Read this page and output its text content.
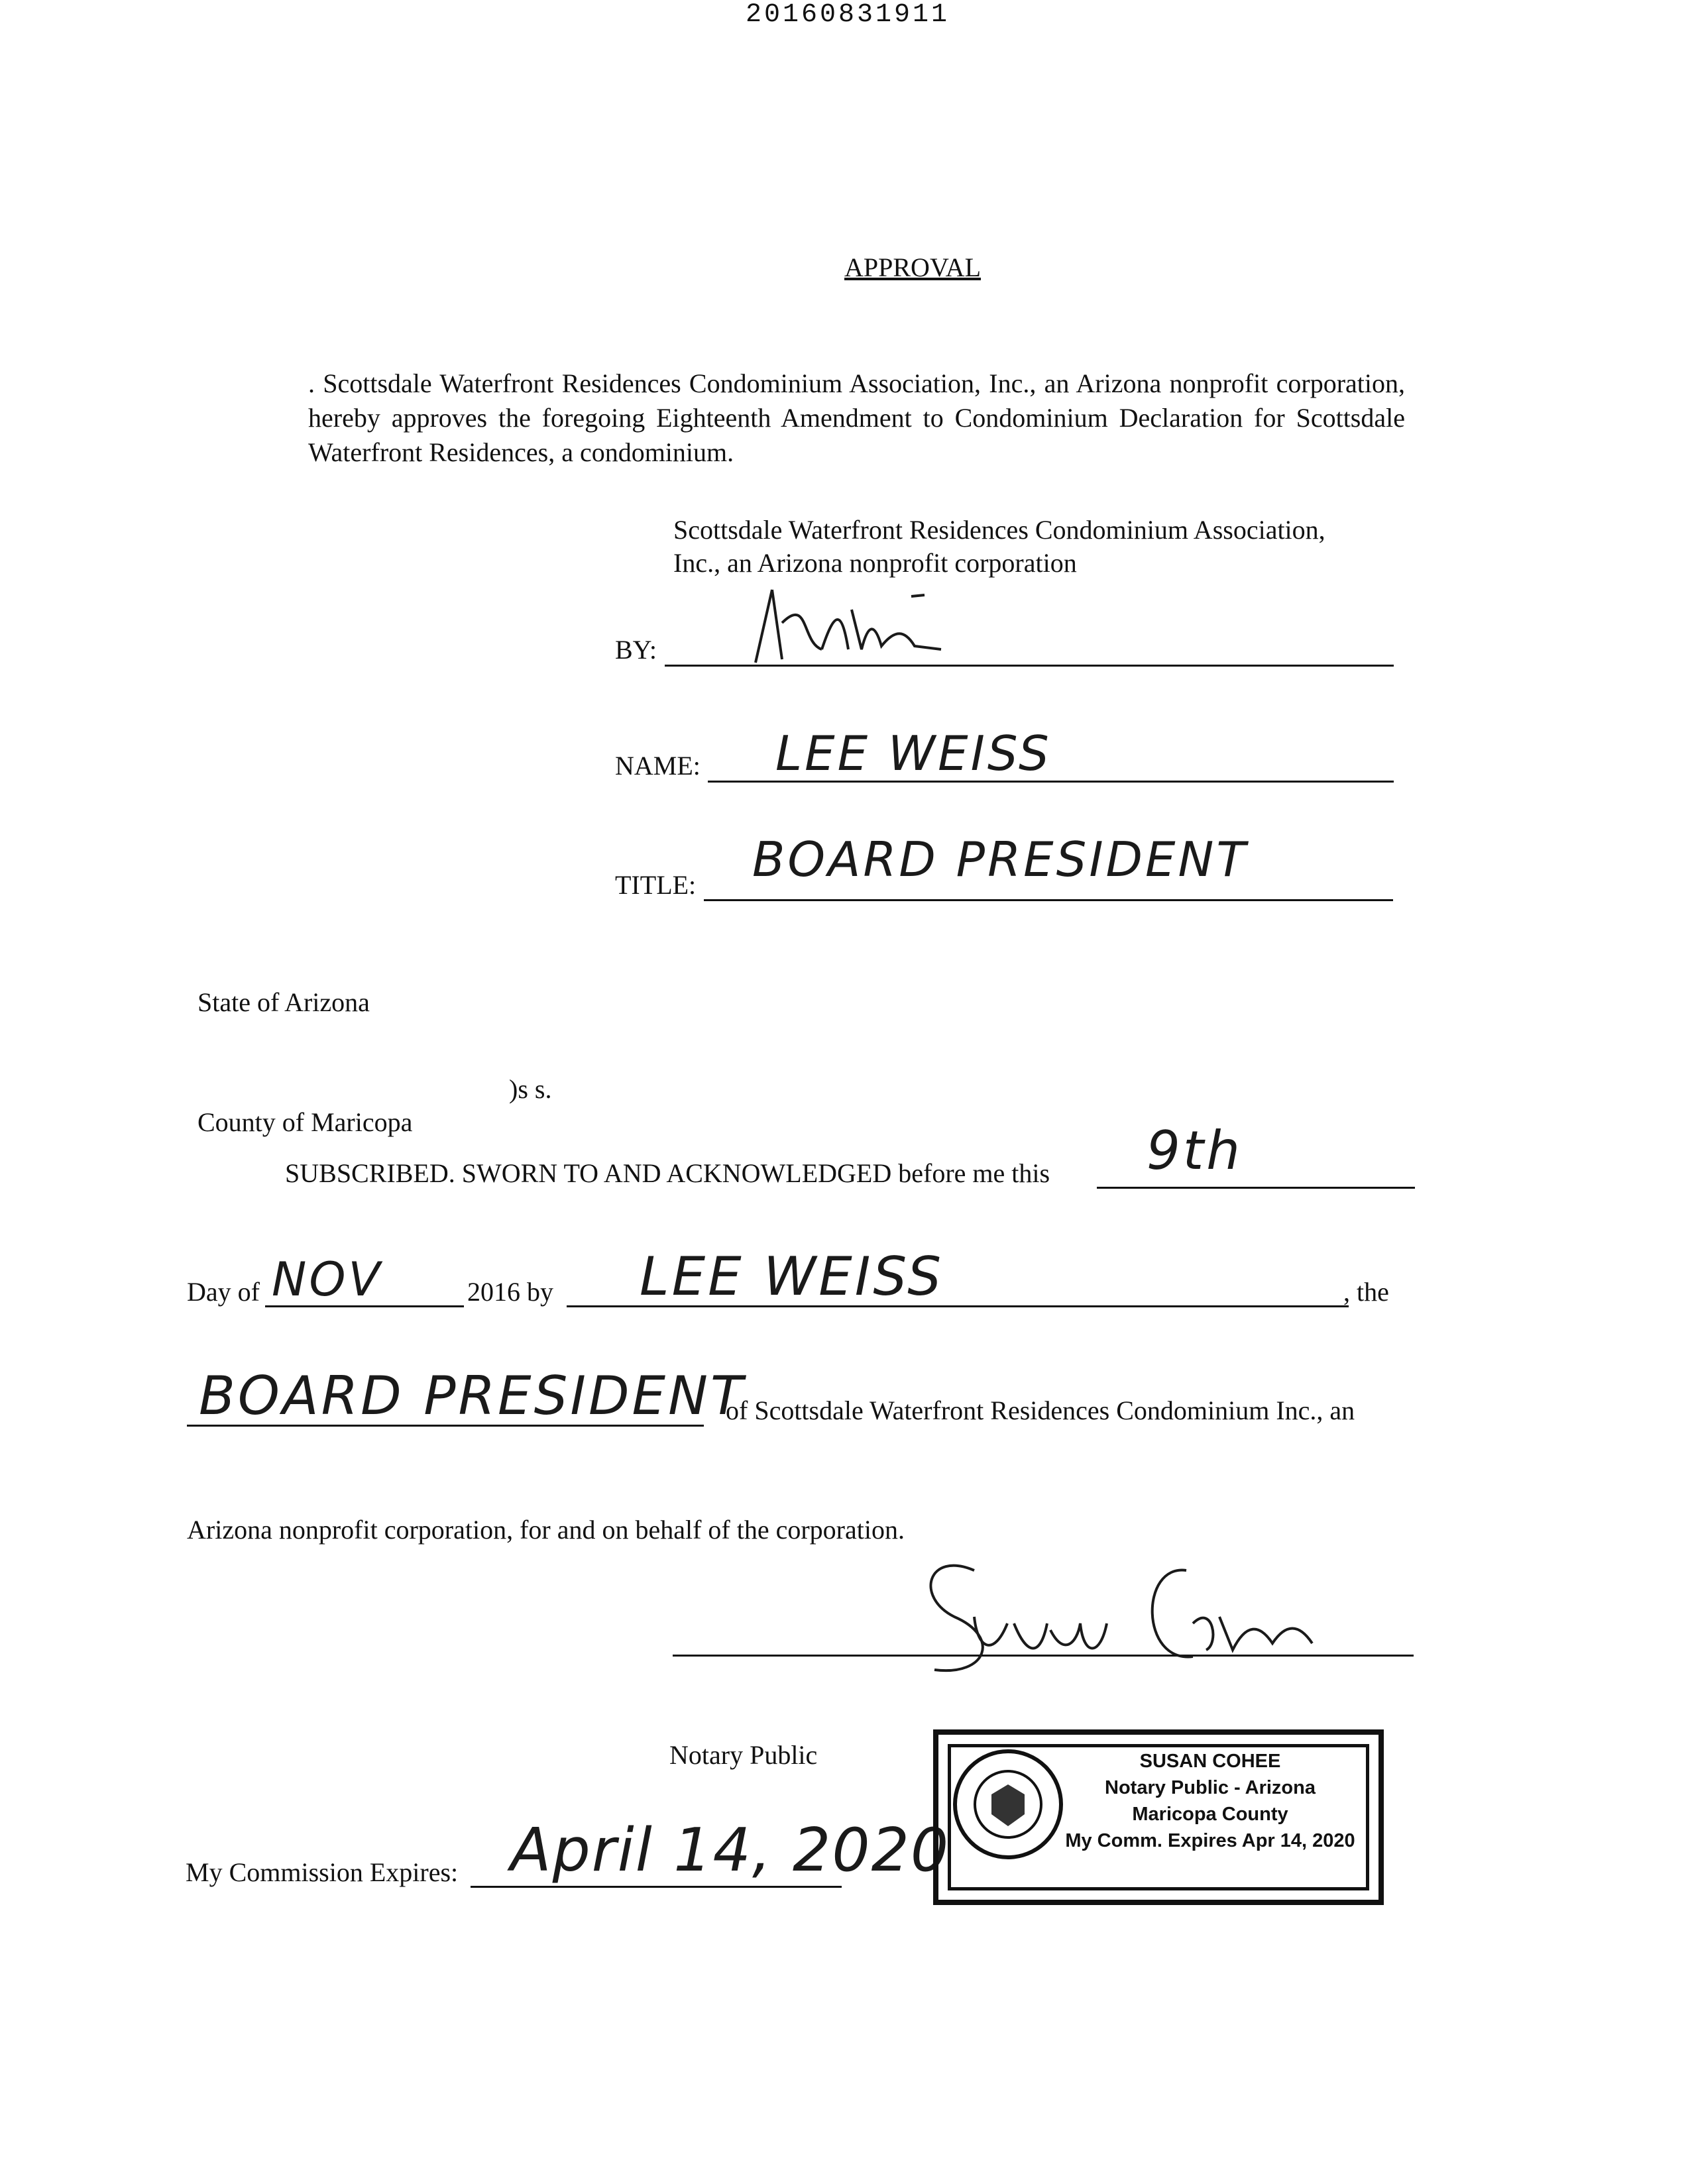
20160831911
APPROVAL
. Scottsdale Waterfront Residences Condominium Association, Inc., an Arizona nonprofit corporation, hereby approves the foregoing Eighteenth Amendment to Condominium Declaration for Scottsdale Waterfront Residences, a condominium.
Scottsdale Waterfront Residences Condominium Association,
Inc., an Arizona nonprofit corporation
BY:
NAME: LEE WEISS
TITLE: BOARD PRESIDENT
State of Arizona
)s s.
County of Maricopa
SUBSCRIBED. SWORN TO AND ACKNOWLEDGED before me this 9th
Day of NOV	2016 by LEE WEISS	, the
BOARD PRESIDENT
of Scottsdale Waterfront Residences Condominium Inc., an
Arizona nonprofit corporation, for and on behalf of the corporation.
Notary Public
My Commission Expires: April 14, 2020
SUSAN COHEE
Notary Public - Arizona
Maricopa County
My Comm. Expires Apr 14, 2020
